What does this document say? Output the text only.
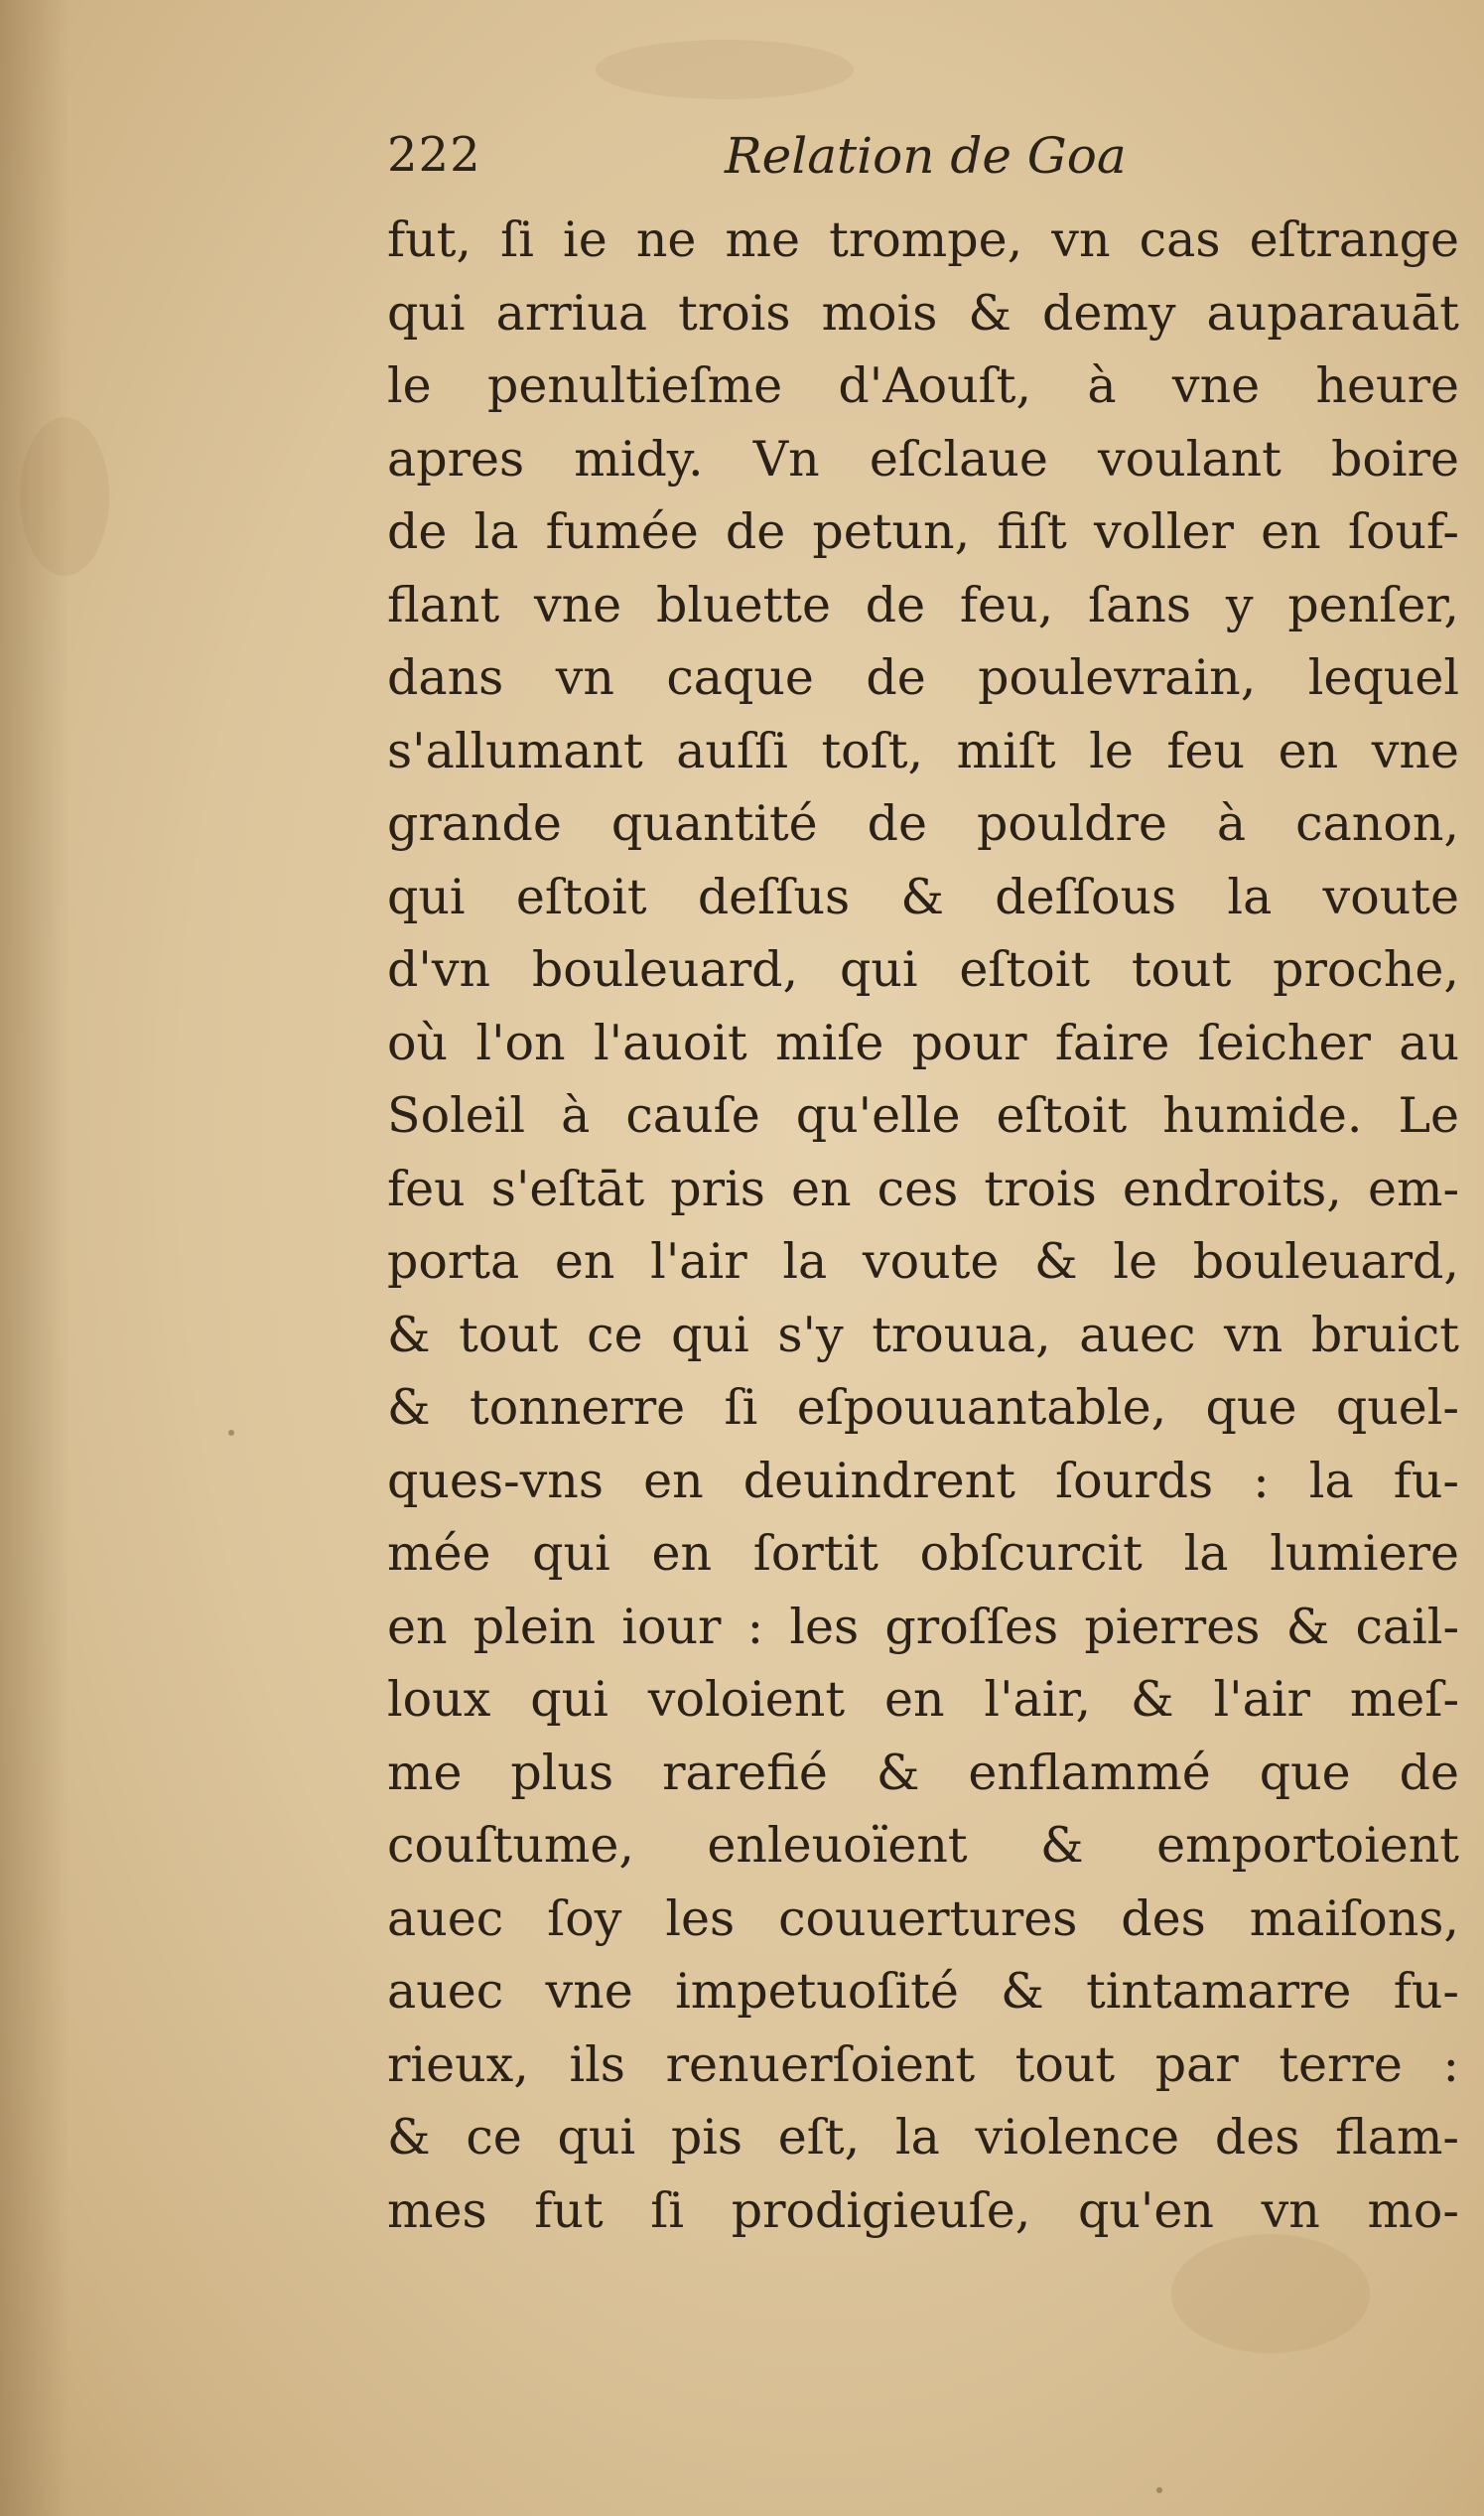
222	Relation de Goa
fut, ſi ie ne me trompe, vn cas eſtrange
qui arriua trois mois & demy auparauāt
le penultieſme d'Aouſt, à vne heure
apres midy. Vn eſclaue voulant boire
de la fumée de petun, fiſt voller en ſouf-
flant vne bluette de feu, ſans y penſer,
dans vn caque de poulevrain, lequel
s'allumant auſſi toſt, miſt le feu en vne
grande quantité de pouldre à canon,
qui eſtoit deſſus & deſſous la voute
d'vn bouleuard, qui eſtoit tout proche,
où l'on l'auoit miſe pour faire ſeicher au
Soleil à cauſe qu'elle eſtoit humide. Le
feu s'eſtāt pris en ces trois endroits, em-
porta en l'air la voute & le bouleuard,
& tout ce qui s'y trouua, auec vn bruict
& tonnerre ſi eſpouuantable, que quel-
ques-vns en deuindrent ſourds : la fu-
mée qui en ſortit obſcurcit la lumiere
en plein iour : les groſſes pierres & cail-
loux qui voloient en l'air, & l'air meſ-
me plus rarefié & enflammé que de
couſtume, enleuoïent & emportoient
auec ſoy les couuertures des maiſons,
auec vne impetuoſité & tintamarre fu-
rieux, ils renuerſoient tout par terre :
& ce qui pis eſt, la violence des flam-
mes fut ſi prodigieuſe, qu'en vn mo-
